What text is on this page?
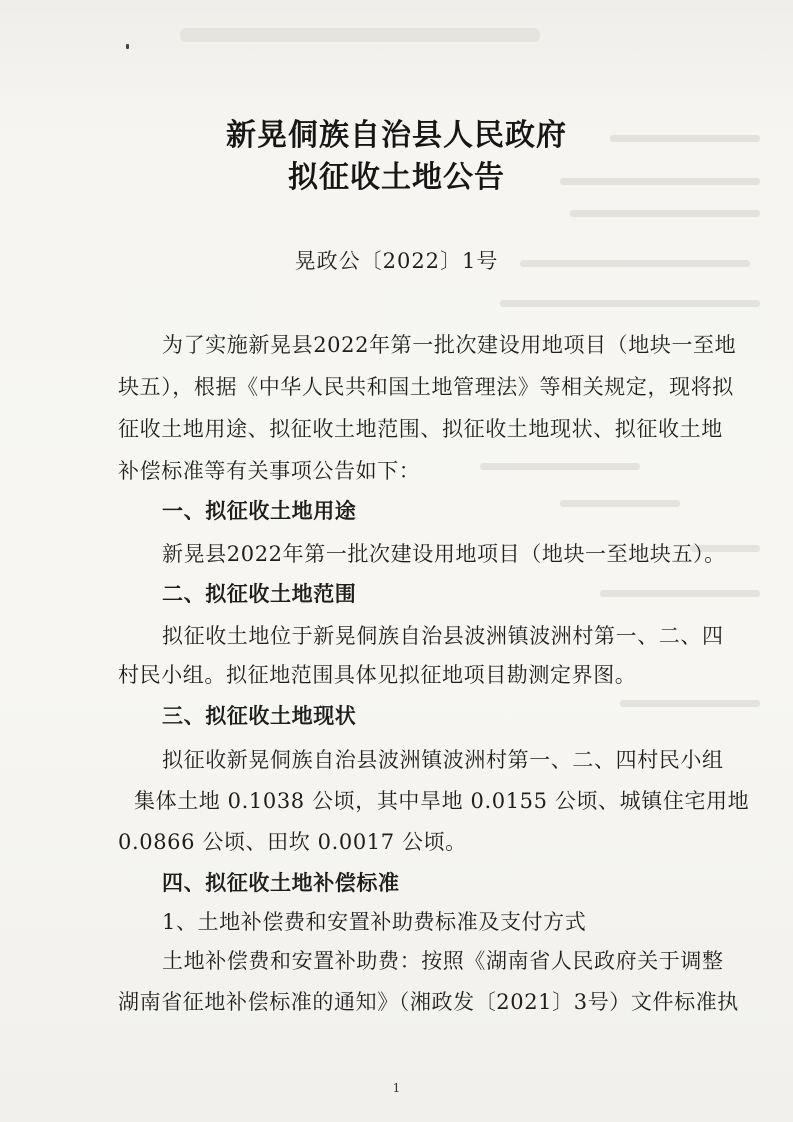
新晃侗族自治县人民政府
拟征收土地公告
晃政公〔2022〕1号
为了实施新晃县2022年第一批次建设用地项目（地块一至地
块五），根据《中华人民共和国土地管理法》等相关规定，现将拟
征收土地用途、拟征收土地范围、拟征收土地现状、拟征收土地
补偿标准等有关事项公告如下：
一、拟征收土地用途
新晃县2022年第一批次建设用地项目（地块一至地块五）。
二、拟征收土地范围
拟征收土地位于新晃侗族自治县波洲镇波洲村第一、二、四
村民小组。拟征地范围具体见拟征地项目勘测定界图。
三、拟征收土地现状
拟征收新晃侗族自治县波洲镇波洲村第一、二、四村民小组
集体土地 0.1038 公顷，其中旱地 0.0155 公顷、城镇住宅用地
0.0866 公顷、田坎 0.0017 公顷。
四、拟征收土地补偿标准
1、土地补偿费和安置补助费标准及支付方式
土地补偿费和安置补助费：按照《湖南省人民政府关于调整
湖南省征地补偿标准的通知》（湘政发〔2021〕3号）文件标准执
1
